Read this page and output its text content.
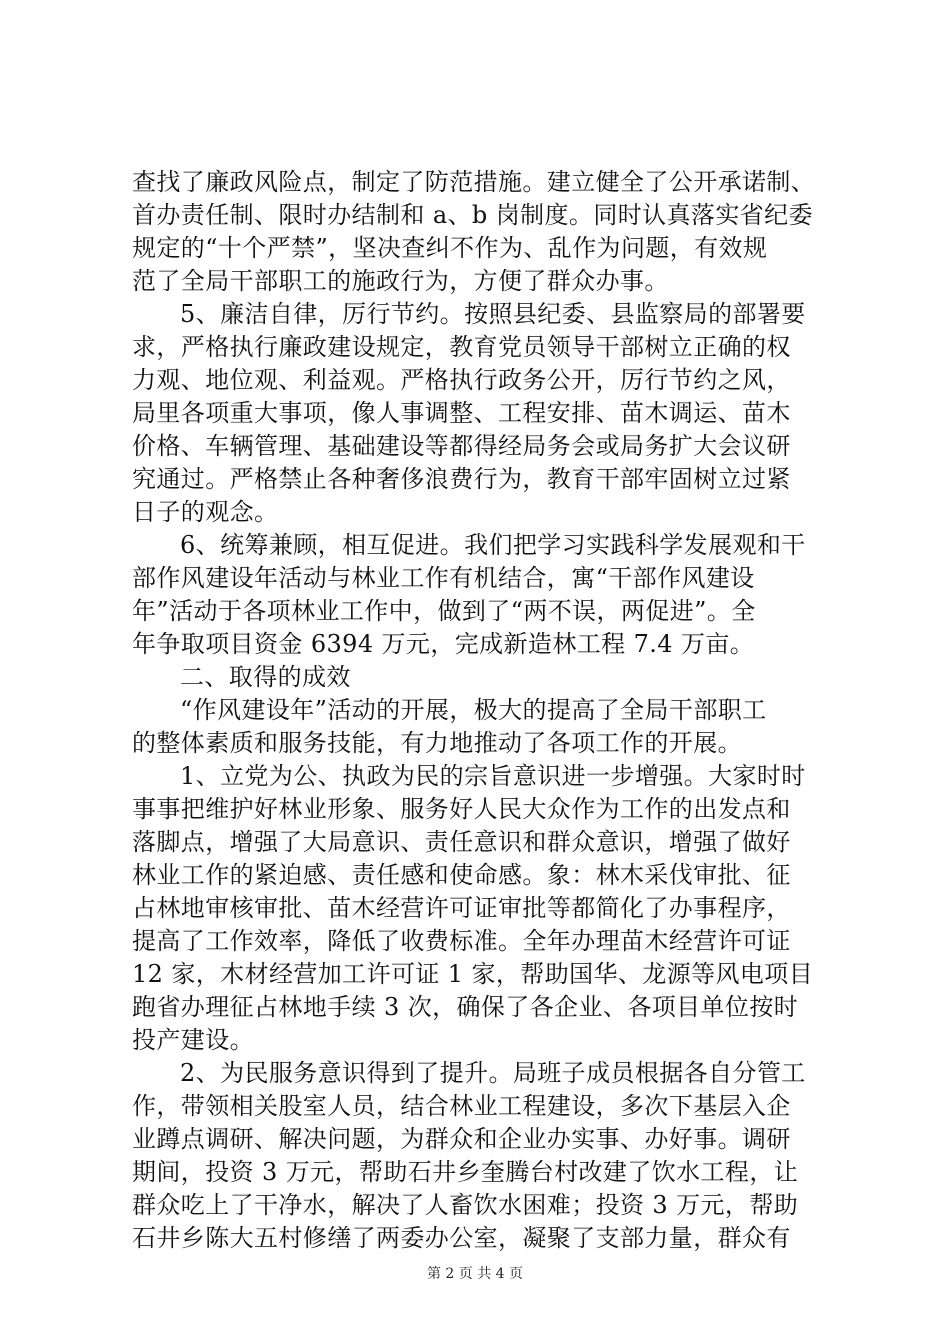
查找了廉政风险点，制定了防范措施。建立健全了公开承诺制、
首办责任制、限时办结制和 a、b 岗制度。同时认真落实省纪委
规定的“十个严禁”，坚决查纠不作为、乱作为问题，有效规
范了全局干部职工的施政行为，方便了群众办事。
5、廉洁自律，厉行节约。按照县纪委、县监察局的部署要
求，严格执行廉政建设规定，教育党员领导干部树立正确的权
力观、地位观、利益观。严格执行政务公开，厉行节约之风，
局里各项重大事项，像人事调整、工程安排、苗木调运、苗木
价格、车辆管理、基础建设等都得经局务会或局务扩大会议研
究通过。严格禁止各种奢侈浪费行为，教育干部牢固树立过紧
日子的观念。
6、统筹兼顾，相互促进。我们把学习实践科学发展观和干
部作风建设年活动与林业工作有机结合，寓“干部作风建设
年”活动于各项林业工作中，做到了“两不误，两促进”。全
年争取项目资金 6394 万元，完成新造林工程 7.4 万亩。
二、取得的成效
“作风建设年”活动的开展，极大的提高了全局干部职工
的整体素质和服务技能，有力地推动了各项工作的开展。
1、立党为公、执政为民的宗旨意识进一步增强。大家时时
事事把维护好林业形象、服务好人民大众作为工作的出发点和
落脚点，增强了大局意识、责任意识和群众意识，增强了做好
林业工作的紧迫感、责任感和使命感。象：林木采伐审批、征
占林地审核审批、苗木经营许可证审批等都简化了办事程序，
提高了工作效率，降低了收费标准。全年办理苗木经营许可证
12 家，木材经营加工许可证 1 家，帮助国华、龙源等风电项目
跑省办理征占林地手续 3 次，确保了各企业、各项目单位按时
投产建设。
2、为民服务意识得到了提升。局班子成员根据各自分管工
作，带领相关股室人员，结合林业工程建设，多次下基层入企
业蹲点调研、解决问题，为群众和企业办实事、办好事。调研
期间，投资 3 万元，帮助石井乡奎腾台村改建了饮水工程，让
群众吃上了干净水，解决了人畜饮水困难；投资 3 万元，帮助
石井乡陈大五村修缮了两委办公室，凝聚了支部力量，群众有
第 2 页 共 4 页
